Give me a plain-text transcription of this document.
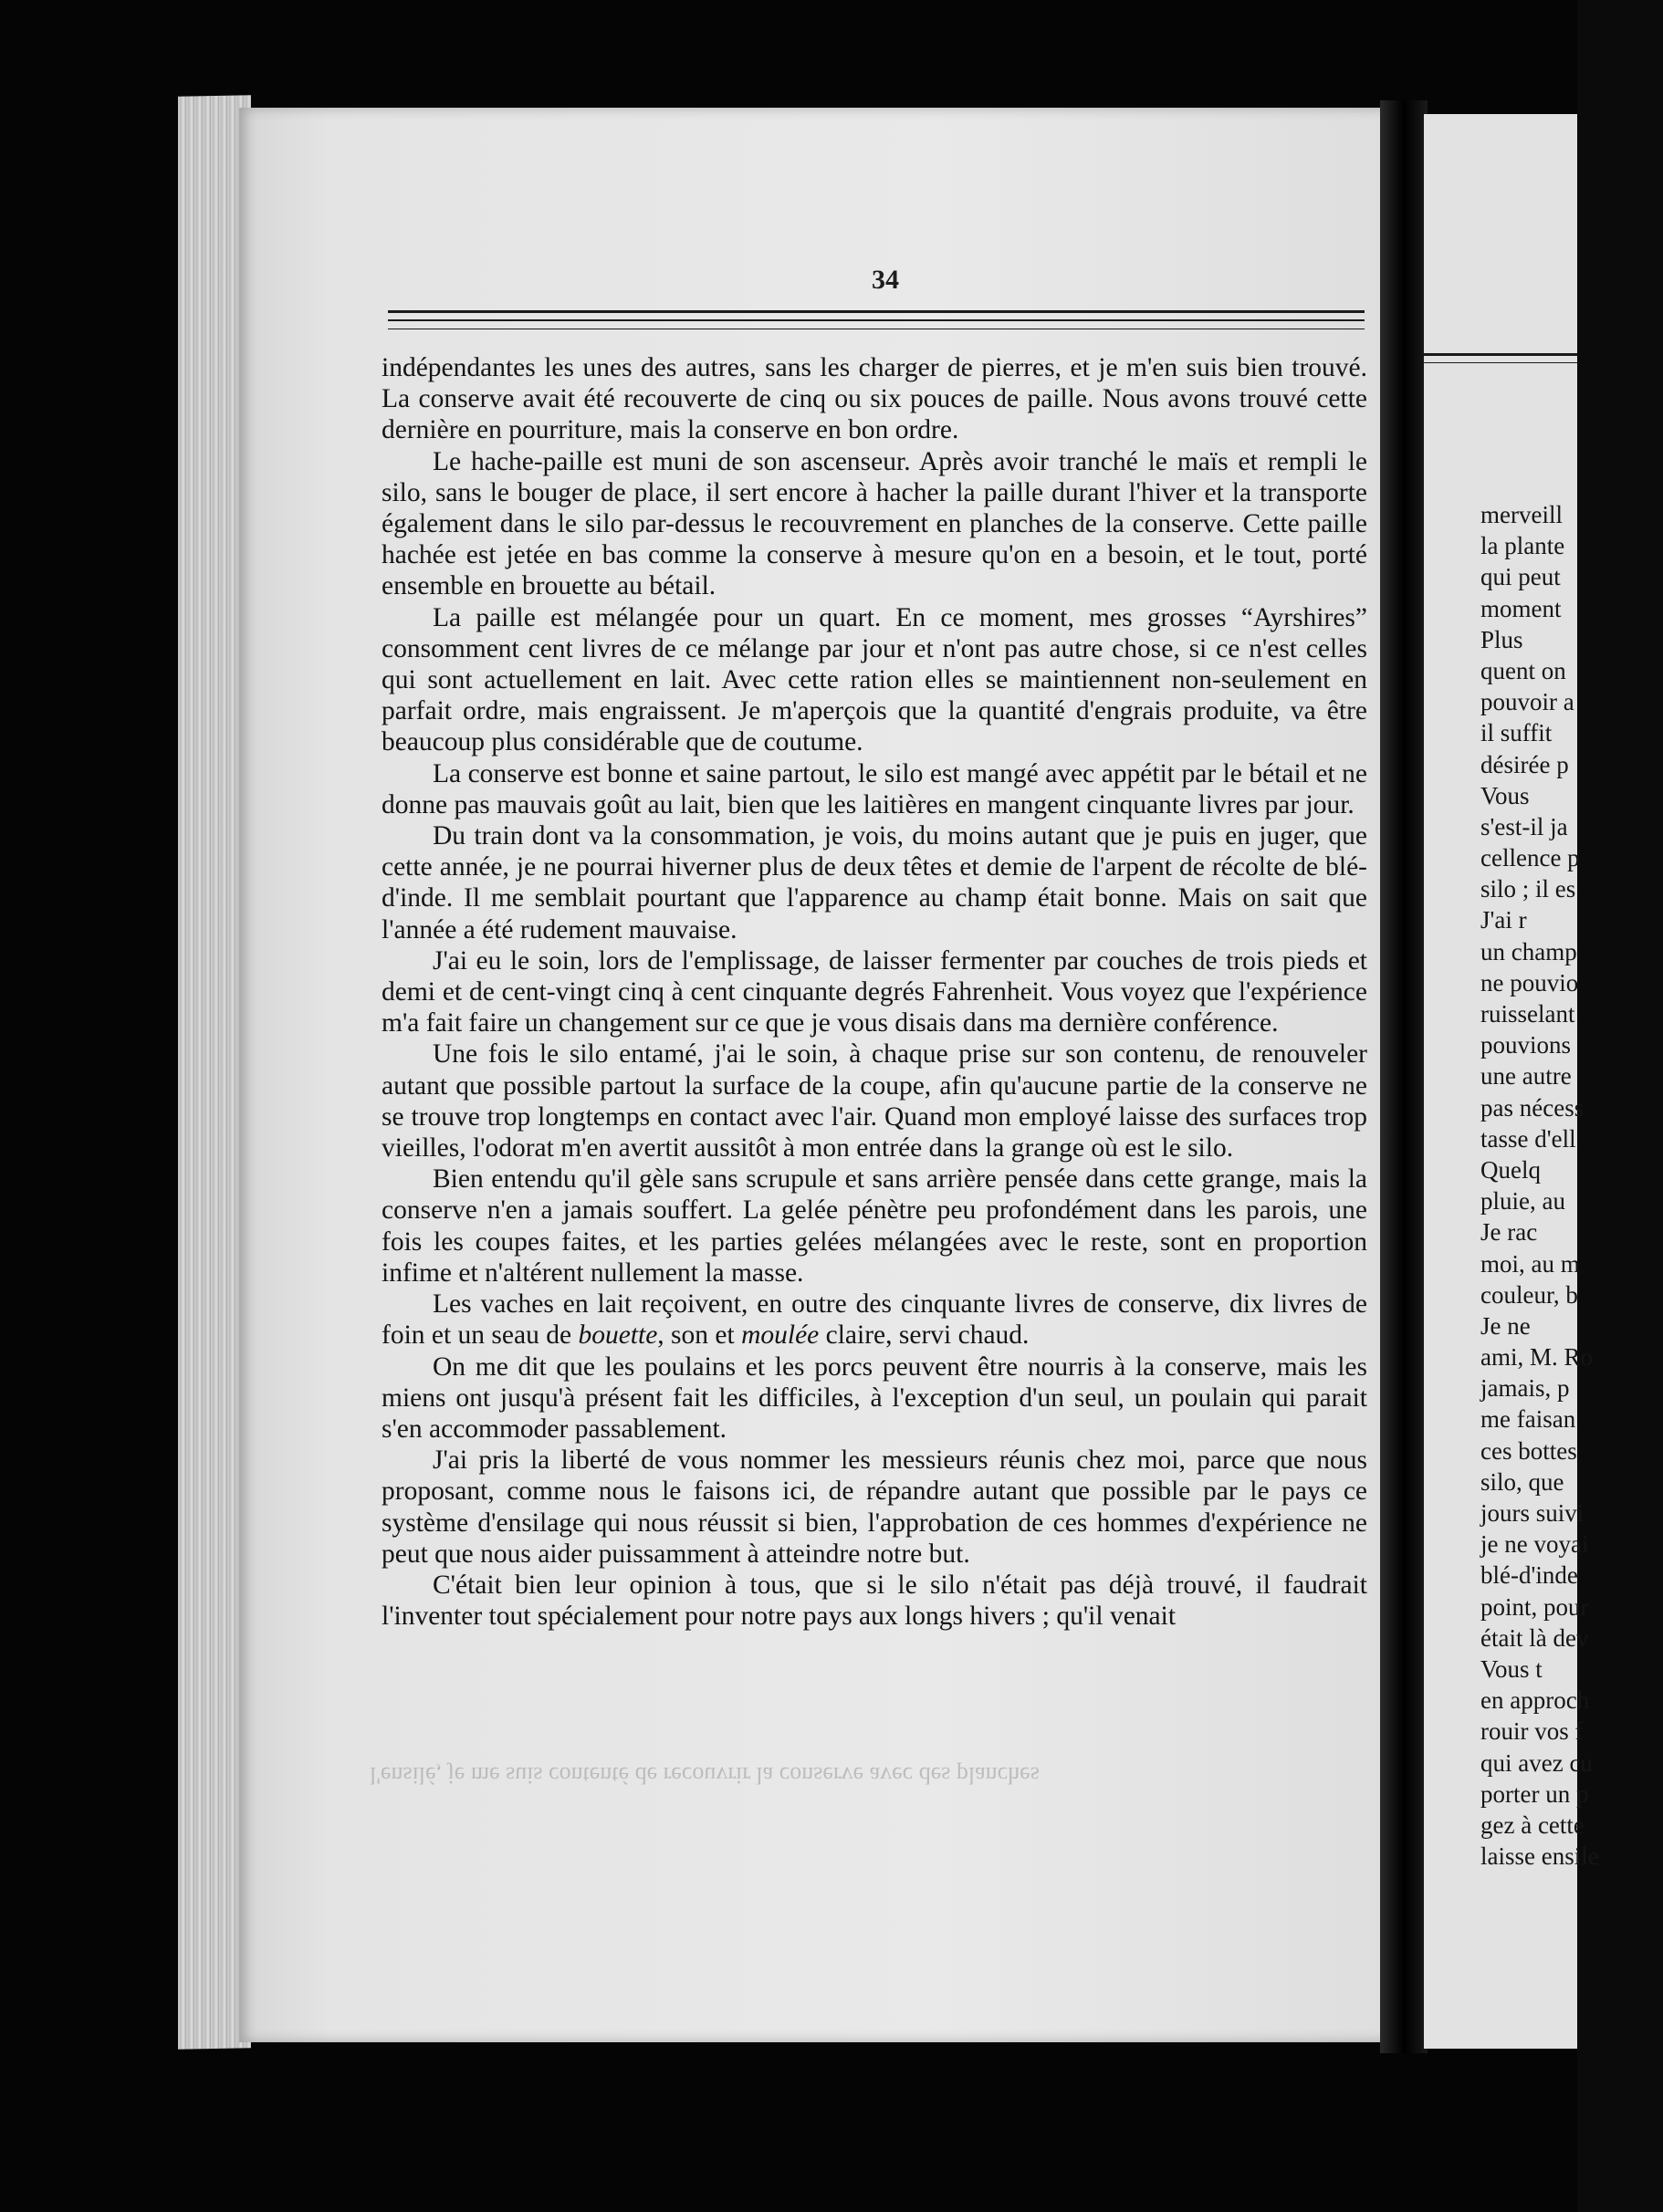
merveill
la plante
qui peut
moment
Plus
quent on
pouvoir a
il suffit
désirée p
Vous
s'est-il ja
cellence p
silo ; il es
J'ai r
un champ
ne pouvio
ruisselant
pouvions
une autre
pas nécess
tasse d'ell
Quelq
pluie, au
Je rac
moi, au m
couleur, b
Je ne
ami, M. Ro
jamais, p
me faisan
ces bottes
silo, que
jours suivi
je ne voyai
blé-d'inde
point, pour
était là dev
Vous t
en approch
rouir vos f
qui avez cu
porter un p
gez à cette
laisse ensile
34

indépendantes les unes des autres, sans les charger de pierres, et je m'en suis bien trouvé. La conserve avait été recouverte de cinq ou six pouces de paille. Nous avons trouvé cette dernière en pourriture, mais la conserve en bon ordre.

Le hache-paille est muni de son ascenseur. Après avoir tranché le maïs et rempli le silo, sans le bouger de place, il sert encore à hacher la paille durant l'hiver et la transporte également dans le silo par-dessus le recouvrement en planches de la conserve. Cette paille hachée est jetée en bas comme la conserve à mesure qu'on en a besoin, et le tout, porté ensemble en brouette au bétail.

La paille est mélangée pour un quart. En ce moment, mes grosses “Ayrshires” consomment cent livres de ce mélange par jour et n'ont pas autre chose, si ce n'est celles qui sont actuellement en lait. Avec cette ration elles se maintiennent non-seulement en parfait ordre, mais engraissent. Je m'aperçois que la quantité d'engrais produite, va être beaucoup plus considérable que de coutume.

La conserve est bonne et saine partout, le silo est mangé avec appétit par le bétail et ne donne pas mauvais goût au lait, bien que les laitières en mangent cinquante livres par jour.

Du train dont va la consommation, je vois, du moins autant que je puis en juger, que cette année, je ne pourrai hiverner plus de deux têtes et demie de l'arpent de récolte de blé-d'inde. Il me semblait pourtant que l'apparence au champ était bonne. Mais on sait que l'année a été rudement mauvaise.

J'ai eu le soin, lors de l'emplissage, de laisser fermenter par couches de trois pieds et demi et de cent-vingt cinq à cent cinquante degrés Fahrenheit. Vous voyez que l'expérience m'a fait faire un changement sur ce que je vous disais dans ma dernière conférence.

Une fois le silo entamé, j'ai le soin, à chaque prise sur son contenu, de renouveler autant que possible partout la surface de la coupe, afin qu'aucune partie de la conserve ne se trouve trop longtemps en contact avec l'air. Quand mon employé laisse des surfaces trop vieilles, l'odorat m'en avertit aussitôt à mon entrée dans la grange où est le silo.

Bien entendu qu'il gèle sans scrupule et sans arrière pensée dans cette grange, mais la conserve n'en a jamais souffert. La gelée pénètre peu profondément dans les parois, une fois les coupes faites, et les parties gelées mélangées avec le reste, sont en proportion infime et n'altérent nullement la masse.

Les vaches en lait reçoivent, en outre des cinquante livres de conserve, dix livres de foin et un seau de bouette, son et moulée claire, servi chaud.

On me dit que les poulains et les porcs peuvent être nourris à la conserve, mais les miens ont jusqu'à présent fait les difficiles, à l'exception d'un seul, un poulain qui parait s'en accommoder passablement.

J'ai pris la liberté de vous nommer les messieurs réunis chez moi, parce que nous proposant, comme nous le faisons ici, de répandre autant que possible par le pays ce système d'ensilage qui nous réussit si bien, l'approbation de ces hommes d'expérience ne peut que nous aider puissamment à atteindre notre but.

C'était bien leur opinion à tous, que si le silo n'était pas déjà trouvé, il faudrait l'inventer tout spécialement pour notre pays aux longs hivers ; qu'il venait

l'ensilé, je me suis contenté de recouvrir la conserve avec des planches
